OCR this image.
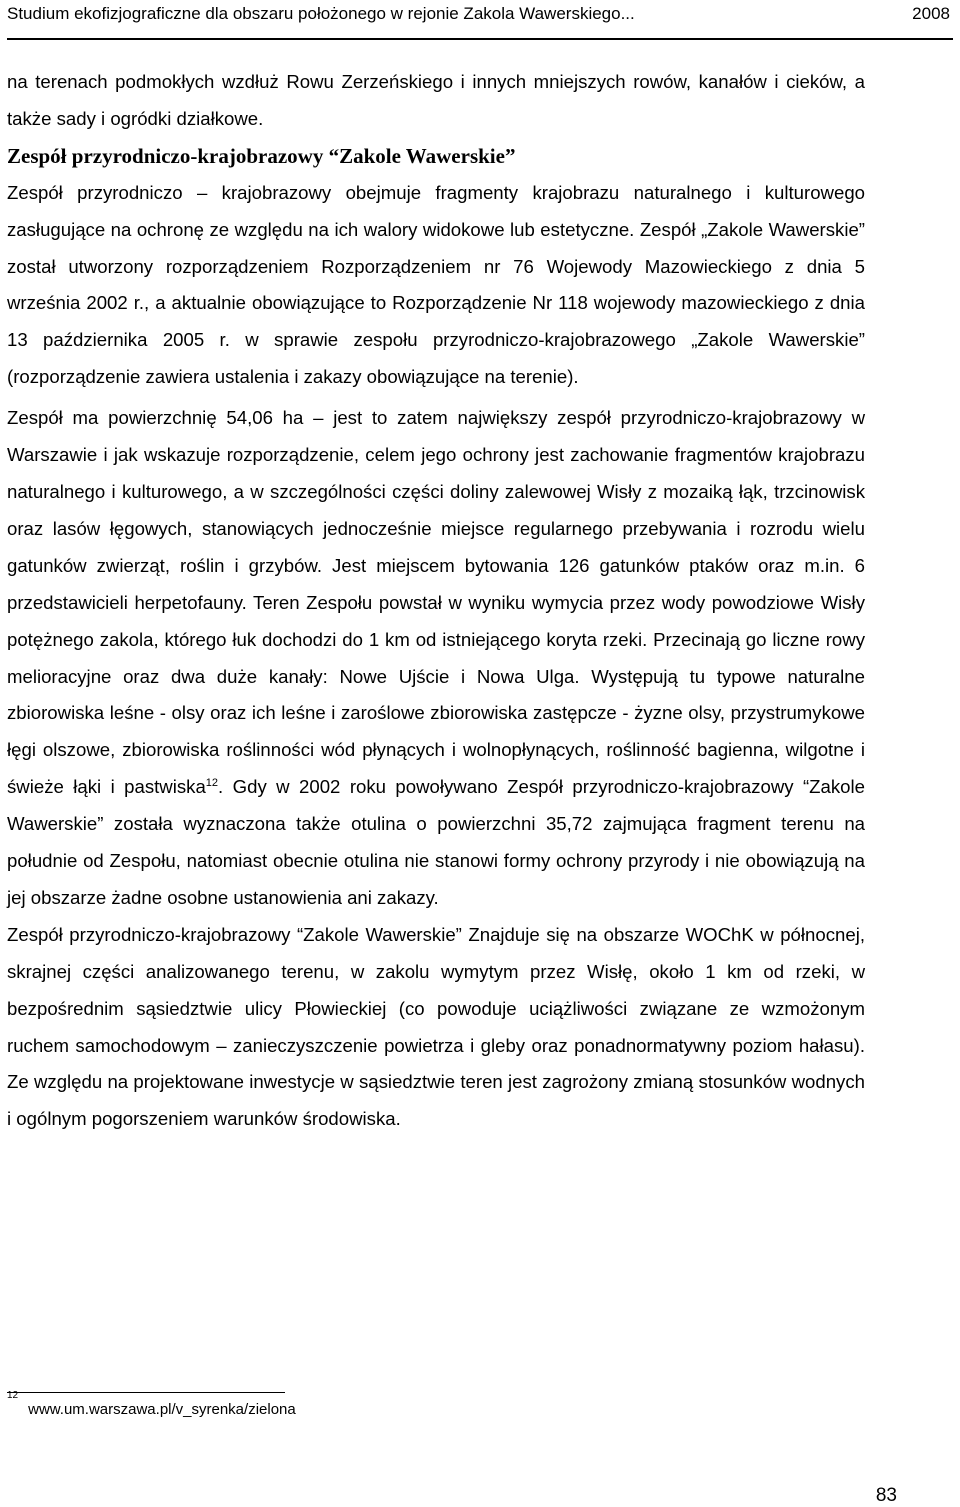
Studium ekofizjograficzne dla obszaru położonego w rejonie Zakola Wawerskiego...	2008

na terenach podmokłych wzdłuż Rowu Zerzeńskiego i innych mniejszych rowów, kanałów i cieków, a także sady i ogródki działkowe.

Zespół przyrodniczo-krajobrazowy “Zakole Wawerskie”

Zespół przyrodniczo – krajobrazowy obejmuje fragmenty krajobrazu naturalnego i kulturowego zasługujące na ochronę ze względu na ich walory widokowe lub estetyczne. Zespół „Zakole Wawerskie” został utworzony rozporządzeniem Rozporządzeniem nr 76 Wojewody Mazowieckiego z dnia 5 września 2002 r., a aktualnie obowiązujące to Rozporządzenie Nr 118 wojewody mazowieckiego z dnia 13 października 2005 r. w sprawie zespołu przyrodniczo-krajobrazowego „Zakole Wawerskie” (rozporządzenie zawiera ustalenia i zakazy obowiązujące na terenie).

Zespół ma powierzchnię 54,06 ha – jest to zatem największy zespół przyrodniczo-krajobrazowy w Warszawie i jak wskazuje rozporządzenie, celem jego ochrony jest zachowanie fragmentów krajobrazu naturalnego i kulturowego, a w szczególności części doliny zalewowej Wisły z mozaiką łąk, trzcinowisk oraz lasów łęgowych, stanowiących jednocześnie miejsce regularnego przebywania i rozrodu wielu gatunków zwierząt, roślin i grzybów. Jest miejscem bytowania 126 gatunków ptaków oraz m.in. 6 przedstawicieli herpetofauny. Teren Zespołu powstał w wyniku wymycia przez wody powodziowe Wisły potężnego zakola, którego łuk dochodzi do 1 km od istniejącego koryta rzeki. Przecinają go liczne rowy melioracyjne oraz dwa duże kanały: Nowe Ujście i Nowa Ulga. Występują tu typowe naturalne zbiorowiska leśne - olsy oraz ich leśne i zaroślowe zbiorowiska zastępcze - żyzne olsy, przystrumykowe łęgi olszowe, zbiorowiska roślinności wód płynących i wolnopłynących, roślinność bagienna, wilgotne i świeże łąki i pastwiska$^{12}$. Gdy w 2002 roku powoływano Zespół przyrodniczo-krajobrazowy “Zakole Wawerskie” została wyznaczona także otulina o powierzchni 35,72 zajmująca fragment terenu na południe od Zespołu, natomiast obecnie otulina nie stanowi formy ochrony przyrody i nie obowiązują na jej obszarze żadne osobne ustanowienia ani zakazy.

Zespół przyrodniczo-krajobrazowy “Zakole Wawerskie” Znajduje się na obszarze WOChK w północnej, skrajnej części analizowanego terenu, w zakolu wymytym przez Wisłę, około 1 km od rzeki, w bezpośrednim sąsiedztwie ulicy Płowieckiej (co powoduje uciążliwości związane ze wzmożonym ruchem samochodowym – zanieczyszczenie powietrza i gleby oraz ponadnormatywny poziom hałasu). Ze względu na projektowane inwestycje w sąsiedztwie teren jest zagrożony zmianą stosunków wodnych i ogólnym pogorszeniem warunków środowiska.

$^{12}$www.um.warszawa.pl/v_syrenka/zielona
83
